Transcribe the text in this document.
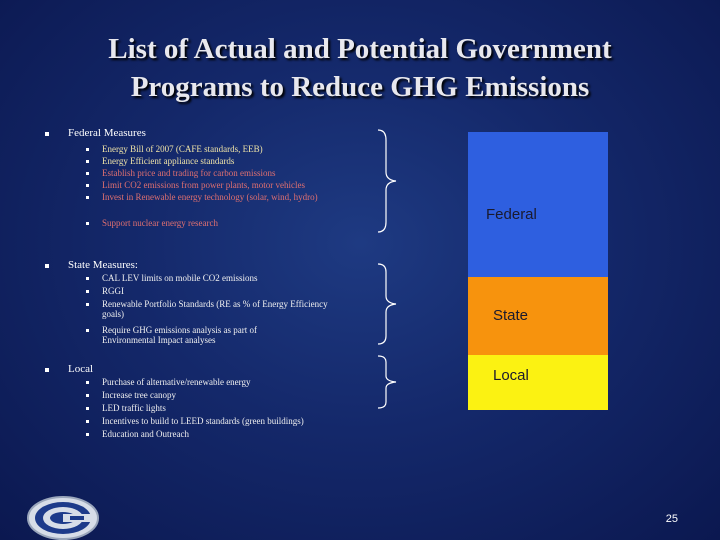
List of Actual and Potential Government
Programs to Reduce GHG Emissions
Federal Measures
Energy Bill of 2007 (CAFE standards, EEB)
Energy Efficient appliance standards
Establish price and trading for carbon emissions
Limit CO2 emissions from power plants, motor vehicles
Invest in Renewable energy technology (solar, wind, hydro)
Support nuclear energy research
State Measures:
CAL LEV limits on mobile CO2 emissions
RGGI
Renewable Portfolio Standards (RE as % of Energy Efficiency goals)
Require GHG emissions analysis as part of Environmental Impact analyses
Local
Purchase of alternative/renewable energy
Increase tree canopy
LED traffic lights
Incentives to build to LEED standards (green buildings)
Education and Outreach
Federal
State
Local
25
